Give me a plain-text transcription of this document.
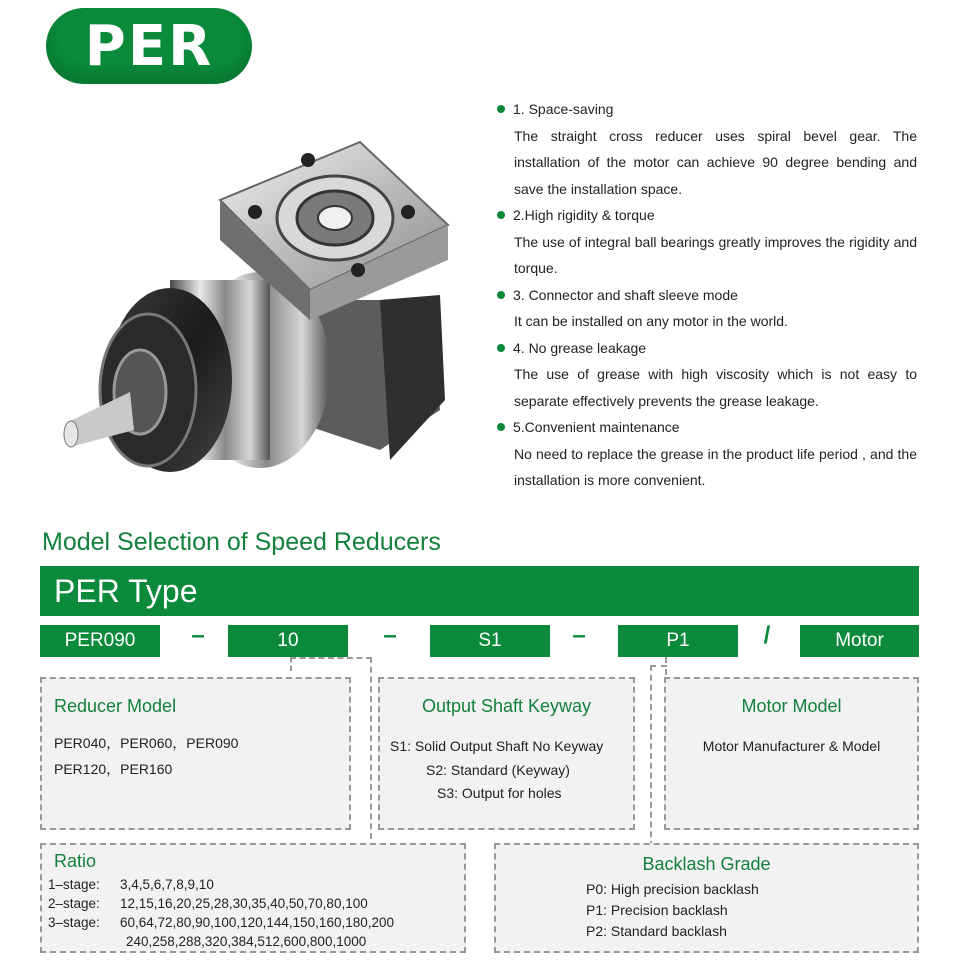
PER
1. Space-saving
The straight cross reducer uses spiral bevel gear. The installation of the motor can achieve 90 degree bending and save the installation space.
2.High rigidity & torque
The use of integral ball bearings greatly improves the rigidity and torque.
3. Connector and shaft sleeve mode
It can be installed on any motor in the world.
4. No grease leakage
The use of grease with high viscosity which is not easy to separate effectively prevents the grease leakage.
5.Convenient maintenance
No need to replace the grease in the product life period , and the installation is more convenient.
Model Selection of Speed Reducers
PER Type
PER090	–	10	–	S1	–	P1	/	Motor
Reducer Model
PER040，PER060，PER090
PER120，PER160
Output Shaft Keyway
S1: Solid Output Shaft No Keyway
S2: Standard (Keyway)
S3: Output for holes
Motor Model
Motor Manufacturer & Model
Ratio
1–stage: 3,4,5,6,7,8,9,10
2–stage: 12,15,16,20,25,28,30,35,40,50,70,80,100
3–stage: 60,64,72,80,90,100,120,144,150,160,180,200
240,258,288,320,384,512,600,800,1000
Backlash Grade
P0: High precision backlash
P1: Precision backlash
P2: Standard backlash
